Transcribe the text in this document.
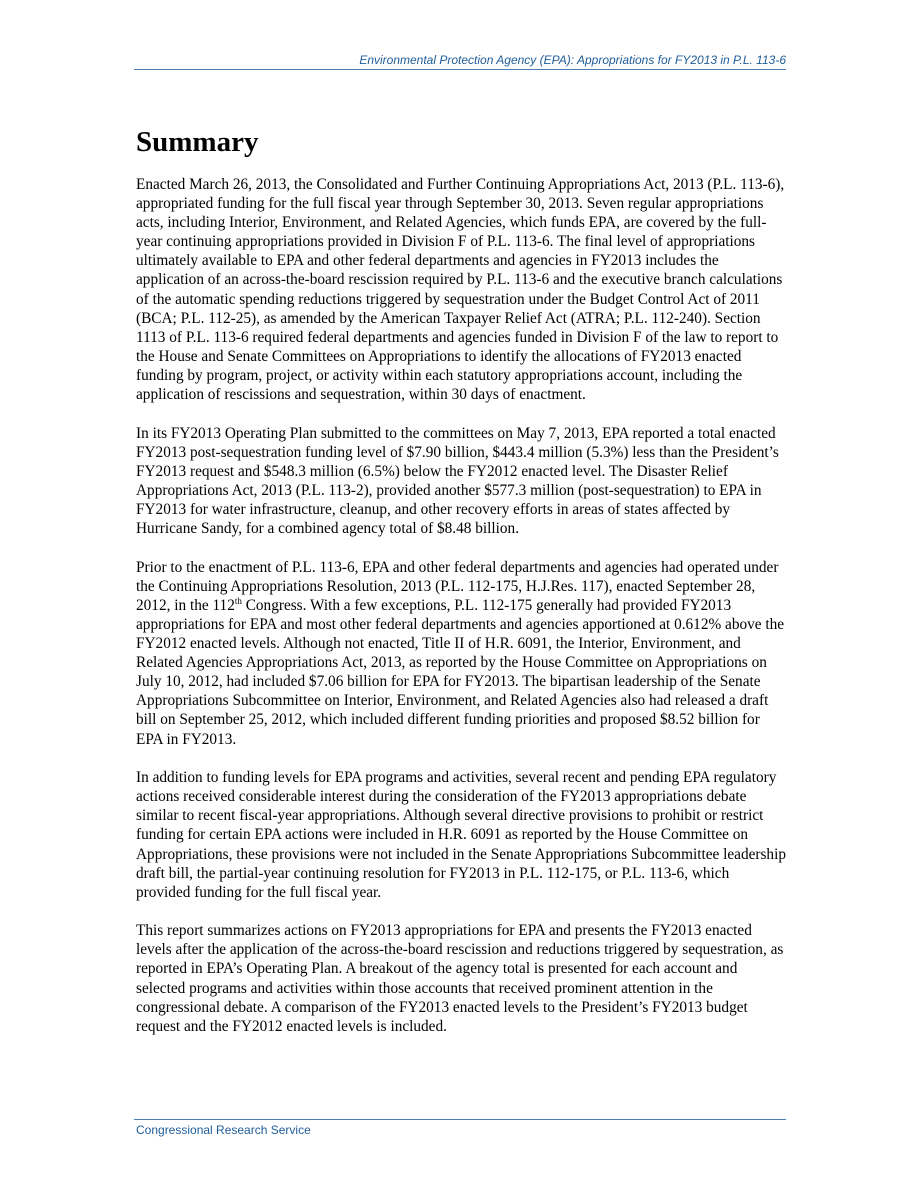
Environmental Protection Agency (EPA): Appropriations for FY2013 in P.L. 113-6
Summary

Enacted March 26, 2013, the Consolidated and Further Continuing Appropriations Act, 2013 (P.L. 113-6), appropriated funding for the full fiscal year through September 30, 2013. Seven regular appropriations acts, including Interior, Environment, and Related Agencies, which funds EPA, are covered by the full-year continuing appropriations provided in Division F of P.L. 113-6. The final level of appropriations ultimately available to EPA and other federal departments and agencies in FY2013 includes the application of an across-the-board rescission required by P.L. 113-6 and the executive branch calculations of the automatic spending reductions triggered by sequestration under the Budget Control Act of 2011 (BCA; P.L. 112-25), as amended by the American Taxpayer Relief Act (ATRA; P.L. 112-240). Section 1113 of P.L. 113-6 required federal departments and agencies funded in Division F of the law to report to the House and Senate Committees on Appropriations to identify the allocations of FY2013 enacted funding by program, project, or activity within each statutory appropriations account, including the application of rescissions and sequestration, within 30 days of enactment.

In its FY2013 Operating Plan submitted to the committees on May 7, 2013, EPA reported a total enacted FY2013 post-sequestration funding level of $7.90 billion, $443.4 million (5.3%) less than the President’s FY2013 request and $548.3 million (6.5%) below the FY2012 enacted level. The Disaster Relief Appropriations Act, 2013 (P.L. 113-2), provided another $577.3 million (post-sequestration) to EPA in FY2013 for water infrastructure, cleanup, and other recovery efforts in areas of states affected by Hurricane Sandy, for a combined agency total of $8.48 billion.

Prior to the enactment of P.L. 113-6, EPA and other federal departments and agencies had operated under the Continuing Appropriations Resolution, 2013 (P.L. 112-175, H.J.Res. 117), enacted September 28, 2012, in the 112th Congress. With a few exceptions, P.L. 112-175 generally had provided FY2013 appropriations for EPA and most other federal departments and agencies apportioned at 0.612% above the FY2012 enacted levels. Although not enacted, Title II of H.R. 6091, the Interior, Environment, and Related Agencies Appropriations Act, 2013, as reported by the House Committee on Appropriations on July 10, 2012, had included $7.06 billion for EPA for FY2013. The bipartisan leadership of the Senate Appropriations Subcommittee on Interior, Environment, and Related Agencies also had released a draft bill on September 25, 2012, which included different funding priorities and proposed $8.52 billion for EPA in FY2013.

In addition to funding levels for EPA programs and activities, several recent and pending EPA regulatory actions received considerable interest during the consideration of the FY2013 appropriations debate similar to recent fiscal-year appropriations. Although several directive provisions to prohibit or restrict funding for certain EPA actions were included in H.R. 6091 as reported by the House Committee on Appropriations, these provisions were not included in the Senate Appropriations Subcommittee leadership draft bill, the partial-year continuing resolution for FY2013 in P.L. 112-175, or P.L. 113-6, which provided funding for the full fiscal year.

This report summarizes actions on FY2013 appropriations for EPA and presents the FY2013 enacted levels after the application of the across-the-board rescission and reductions triggered by sequestration, as reported in EPA’s Operating Plan. A breakout of the agency total is presented for each account and selected programs and activities within those accounts that received prominent attention in the congressional debate. A comparison of the FY2013 enacted levels to the President’s FY2013 budget request and the FY2012 enacted levels is included.

Congressional Research Service
